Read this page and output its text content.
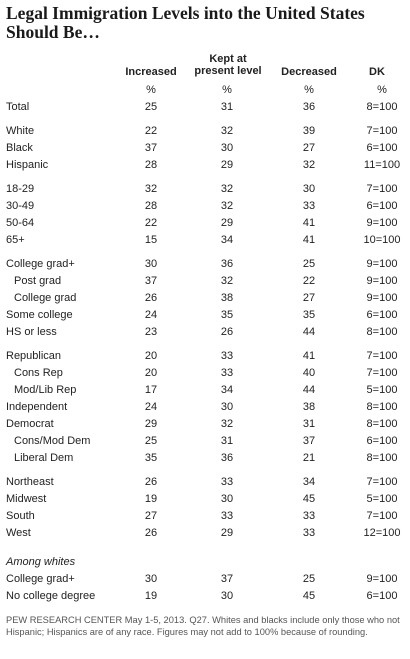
Legal Immigration Levels into the United States Should Be…
Increased
Kept at present level	Decreased	DK
%	%	%	%
Total	25	31	36	8=100
White	22	32	39	7=100
Black	37	30	27	6=100
Hispanic	28	29	32	11=100
18-29	32	32	30	7=100
30-49	28	32	33	6=100
50-64	22	29	41	9=100
65+	15	34	41	10=100
College grad+	30	36	25	9=100
Post grad	37	32	22	9=100
College grad	26	38	27	9=100
Some college	24	35	35	6=100
HS or less	23	26	44	8=100
Republican	20	33	41	7=100
Cons Rep	20	33	40	7=100
Mod/Lib Rep	17	34	44	5=100
Independent	24	30	38	8=100
Democrat	29	32	31	8=100
Cons/Mod Dem	25	31	37	6=100
Liberal Dem	35	36	21	8=100
Northeast	26	33	34	7=100
Midwest	19	30	45	5=100
South	27	33	33	7=100
West	26	29	33	12=100
Among whites
College grad+	30	37	25	9=100
No college degree	19	30	45	6=100
PEW RESEARCH CENTER May 1-5, 2013. Q27. Whites and blacks include only those who not Hispanic; Hispanics are of any race. Figures may not add to 100% because of rounding.
